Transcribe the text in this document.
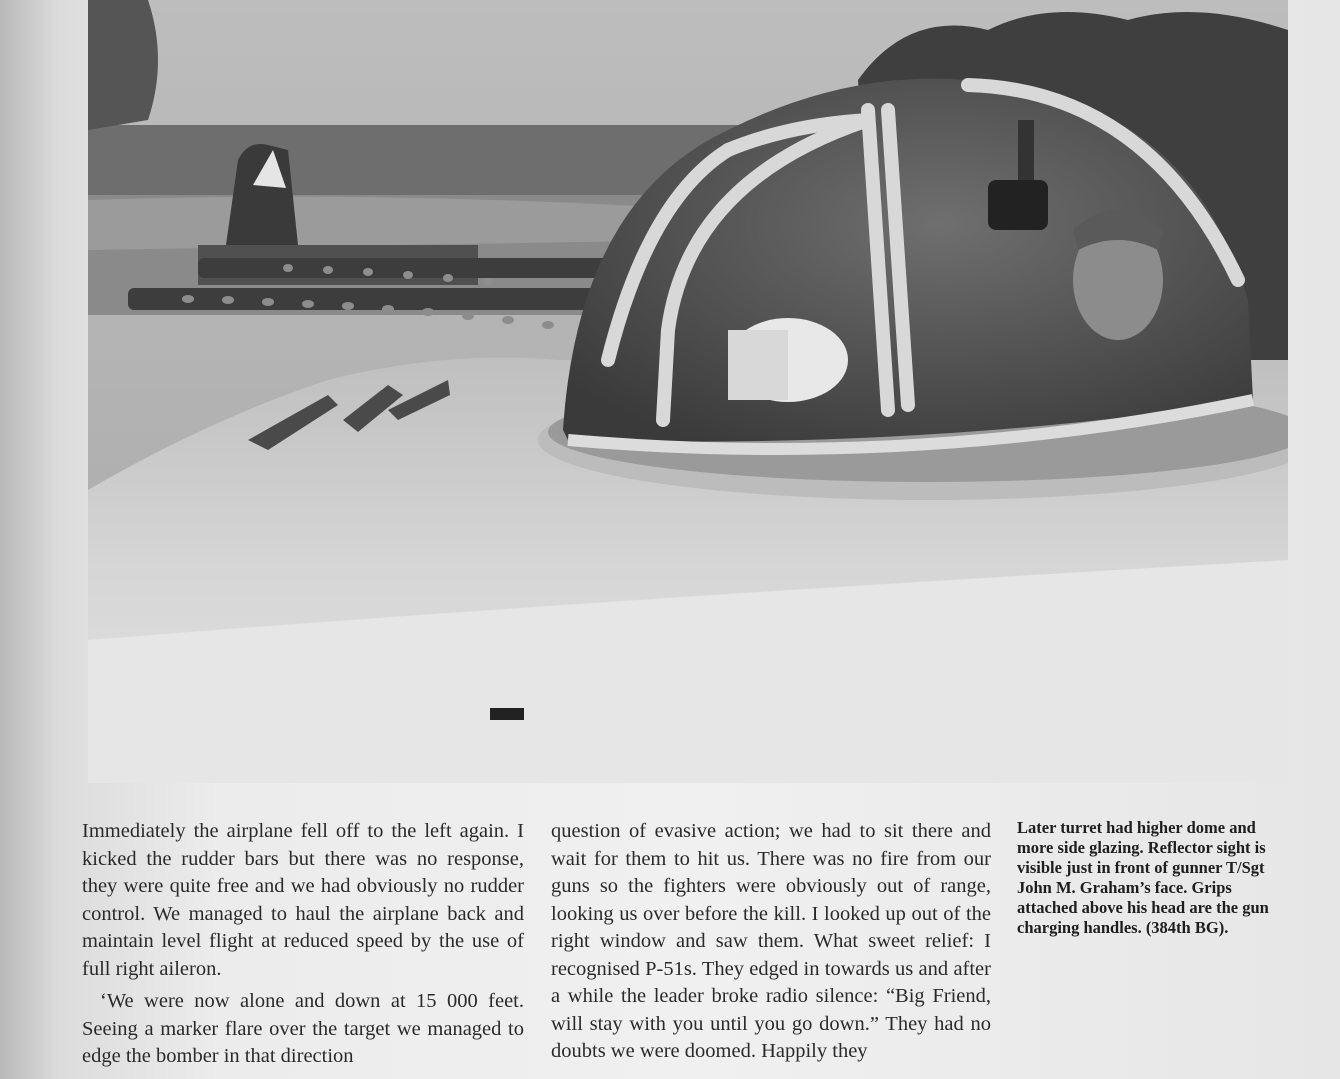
Immediately the airplane fell off to the left again. I kicked the rudder bars but there was no response, they were quite free and we had obviously no rudder control. We managed to haul the airplane back and maintain level flight at reduced speed by the use of full right aileron.

‘We were now alone and down at 15 000 feet. Seeing a marker flare over the target we managed to edge the bomber in that direction

question of evasive action; we had to sit there and wait for them to hit us. There was no fire from our guns so the fighters were obviously out of range, looking us over before the kill. I looked up out of the right window and saw them. What sweet relief: I recognised P-51s. They edged in towards us and after a while the leader broke radio silence: “Big Friend, will stay with you until you go down.” They had no doubts we were doomed. Happily they

Later turret had higher dome and more side glazing. Reflector sight is visible just in front of gunner T/Sgt John M. Graham’s face. Grips attached above his head are the gun charging handles. (384th BG).
